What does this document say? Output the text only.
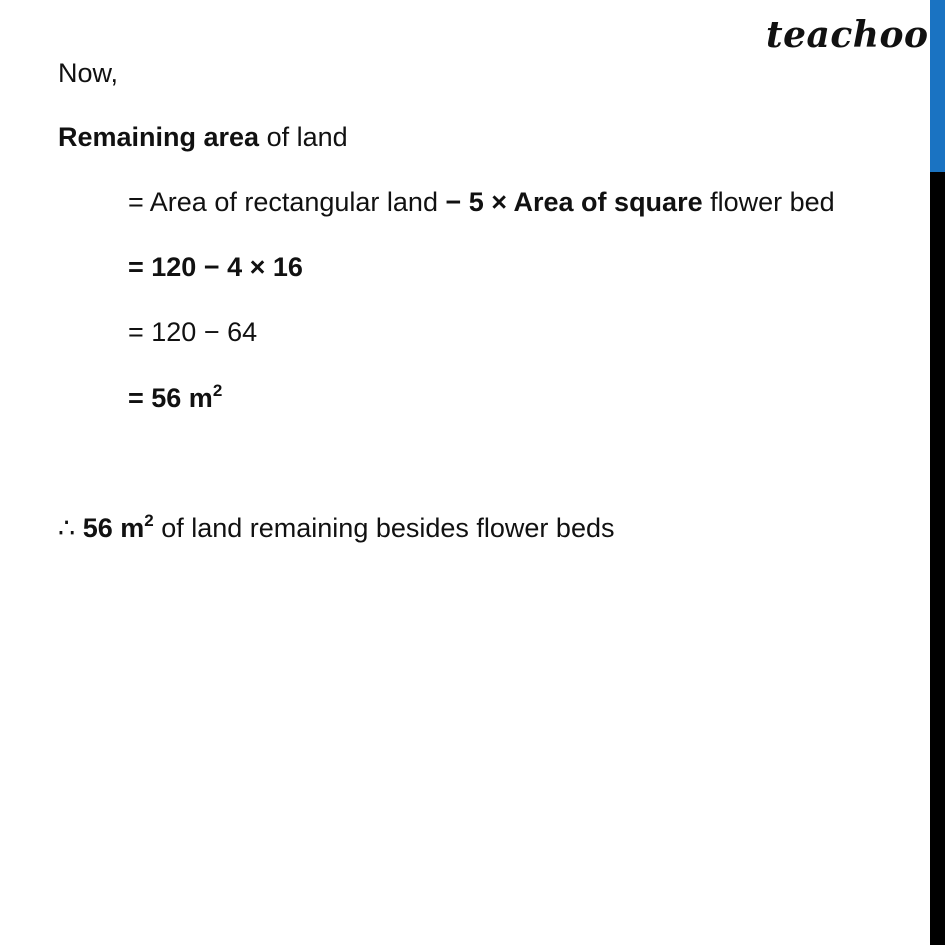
teachoo
Now,
Remaining area of land
= Area of rectangular land − 5 × Area of square flower bed
= 120 − 4 × 16
= 120 − 64
= 56 $m^2$
∴ 56 $m^2$ of land remaining besides flower beds
